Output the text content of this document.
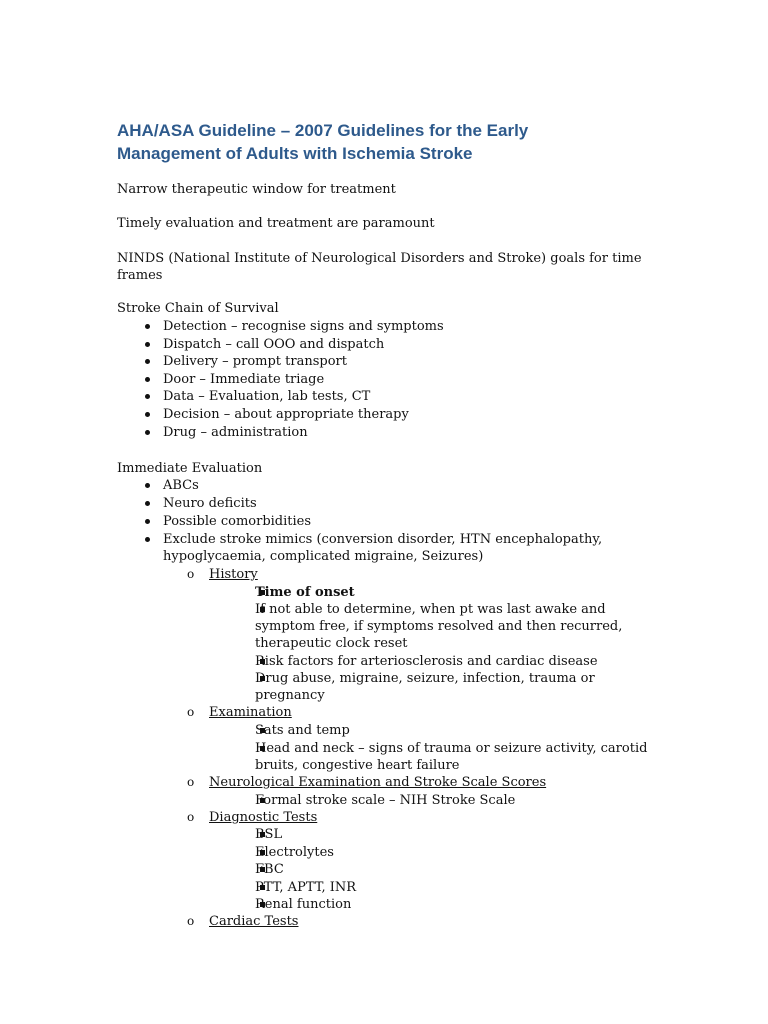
AHA/ASA Guideline – 2007 Guidelines for the Early
Management of Adults with Ischemia Stroke
Narrow therapeutic window for treatment
Timely evaluation and treatment are paramount
NINDS (National Institute of Neurological Disorders and Stroke) goals for time
frames
Stroke Chain of Survival
Detection – recognise signs and symptoms
Dispatch – call OOO and dispatch
Delivery – prompt transport
Door – Immediate triage
Data – Evaluation, lab tests, CT
Decision – about appropriate therapy
Drug – administration
Immediate Evaluation
ABCs
Neuro deficits
Possible comorbidities
Exclude stroke mimics (conversion disorder, HTN encephalopathy,
hypoglycaemia, complicated migraine, Seizures)
o History
Time of onset
If not able to determine, when pt was last awake and
symptom free, if symptoms resolved and then recurred,
therapeutic clock reset
Risk factors for arteriosclerosis and cardiac disease
Drug abuse, migraine, seizure, infection, trauma or
pregnancy
o Examination
Sats and temp
Head and neck – signs of trauma or seizure activity, carotid
bruits, congestive heart failure
o Neurological Examination and Stroke Scale Scores
Formal stroke scale – NIH Stroke Scale
o Diagnostic Tests
BSL
Electrolytes
FBC
PTT, APTT, INR
Renal function
o Cardiac Tests
